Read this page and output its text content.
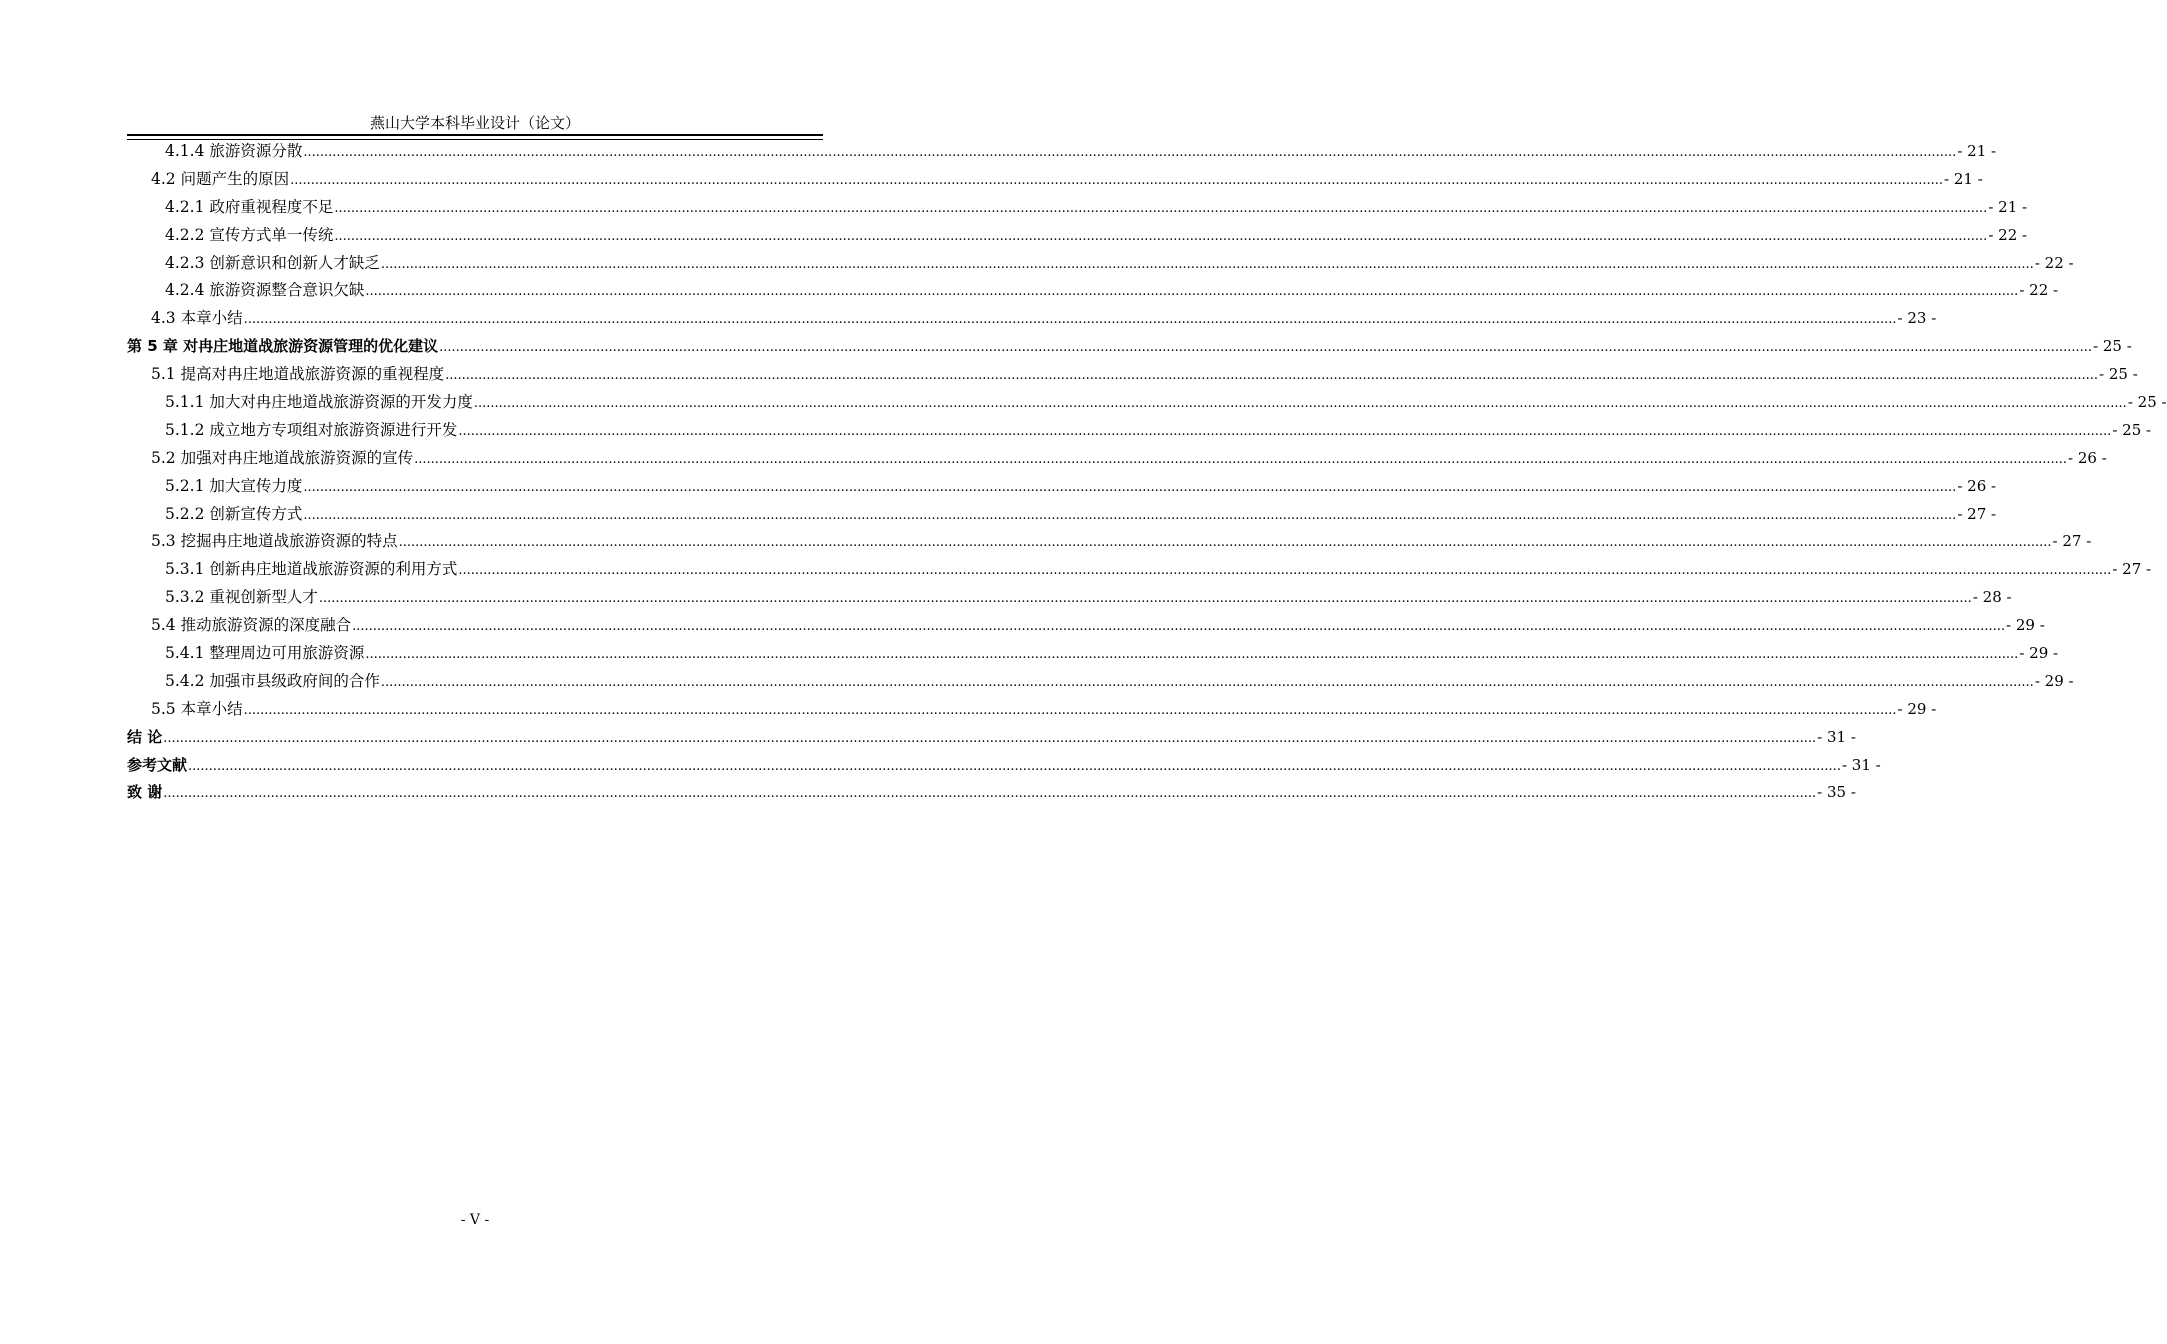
燕山大学本科毕业设计（论文）
4.1.4 旅游资源分散 ................................................................................................................................................................................................................................................................................................................................................................................................................ - 21 -
4.2 问题产生的原因 ................................................................................................................................................................................................................................................................................................................................................................................................................ - 21 -
4.2.1 政府重视程度不足 ................................................................................................................................................................................................................................................................................................................................................................................................................ - 21 -
4.2.2 宣传方式单一传统 ................................................................................................................................................................................................................................................................................................................................................................................................................ - 22 -
4.2.3 创新意识和创新人才缺乏 ................................................................................................................................................................................................................................................................................................................................................................................................................ - 22 -
4.2.4 旅游资源整合意识欠缺 ................................................................................................................................................................................................................................................................................................................................................................................................................ - 22 -
4.3 本章小结 ................................................................................................................................................................................................................................................................................................................................................................................................................ - 23 -
第 5 章 对冉庄地道战旅游资源管理的优化建议 ................................................................................................................................................................................................................................................................................................................................................................................................................ - 25 -
5.1 提高对冉庄地道战旅游资源的重视程度 ................................................................................................................................................................................................................................................................................................................................................................................................................ - 25 -
5.1.1 加大对冉庄地道战旅游资源的开发力度 ................................................................................................................................................................................................................................................................................................................................................................................................................ - 25 -
5.1.2 成立地方专项组对旅游资源进行开发 ................................................................................................................................................................................................................................................................................................................................................................................................................ - 25 -
5.2 加强对冉庄地道战旅游资源的宣传 ................................................................................................................................................................................................................................................................................................................................................................................................................ - 26 -
5.2.1 加大宣传力度 ................................................................................................................................................................................................................................................................................................................................................................................................................ - 26 -
5.2.2 创新宣传方式 ................................................................................................................................................................................................................................................................................................................................................................................................................ - 27 -
5.3 挖掘冉庄地道战旅游资源的特点 ................................................................................................................................................................................................................................................................................................................................................................................................................ - 27 -
5.3.1 创新冉庄地道战旅游资源的利用方式 ................................................................................................................................................................................................................................................................................................................................................................................................................ - 27 -
5.3.2 重视创新型人才 ................................................................................................................................................................................................................................................................................................................................................................................................................ - 28 -
5.4 推动旅游资源的深度融合 ................................................................................................................................................................................................................................................................................................................................................................................................................ - 29 -
5.4.1 整理周边可用旅游资源 ................................................................................................................................................................................................................................................................................................................................................................................................................ - 29 -
5.4.2 加强市县级政府间的合作 ................................................................................................................................................................................................................................................................................................................................................................................................................ - 29 -
5.5 本章小结 ................................................................................................................................................................................................................................................................................................................................................................................................................ - 29 -
结 论 ................................................................................................................................................................................................................................................................................................................................................................................................................ - 31 -
参考文献 ................................................................................................................................................................................................................................................................................................................................................................................................................ - 31 -
致 谢 ................................................................................................................................................................................................................................................................................................................................................................................................................ - 35 -
- V -
